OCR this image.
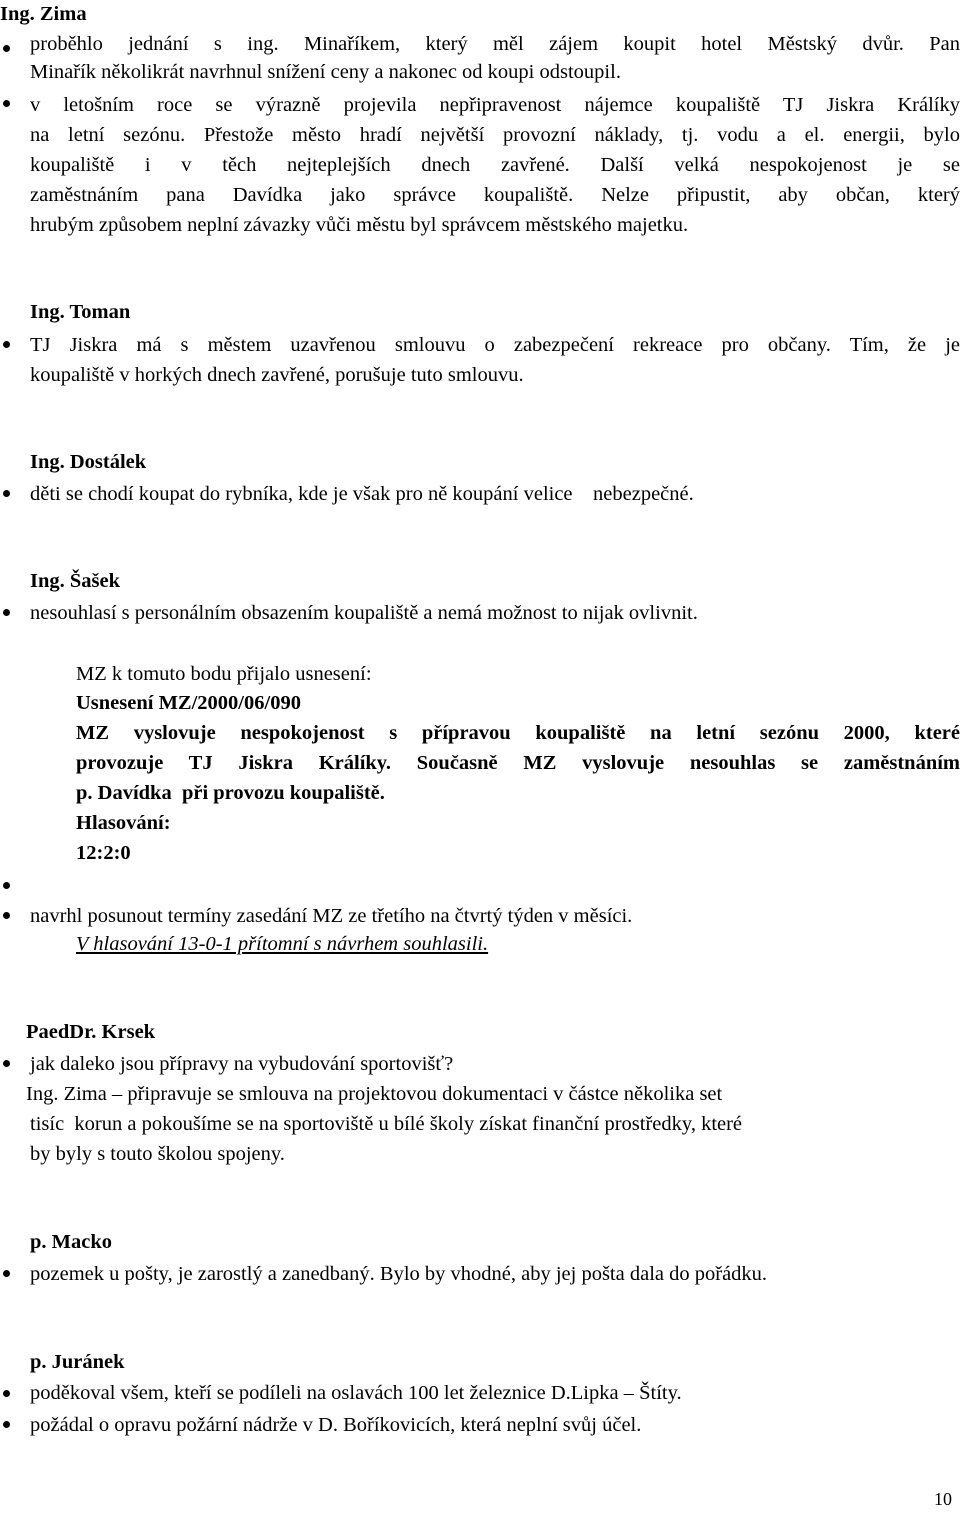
Ing. Zima
proběhlo jednání s ing. Minaříkem, který měl zájem koupit hotel Městský dvůr. Pan
Minařík několikrát navrhnul snížení ceny a nakonec od koupi odstoupil.
v letošním roce se výrazně projevila nepřipravenost nájemce koupaliště TJ Jiskra Králíky
na letní sezónu. Přestože město hradí největší provozní náklady, tj. vodu a el. energii, bylo
koupaliště i v těch nejteplejších dnech zavřené. Další velká nespokojenost je se
zaměstnáním pana Davídka jako správce koupaliště. Nelze připustit, aby občan, který
hrubým způsobem neplní závazky vůči městu byl správcem městského majetku.
Ing. Toman
TJ Jiskra má s městem uzavřenou smlouvu o zabezpečení rekreace pro občany. Tím, že je
koupaliště v horkých dnech zavřené, porušuje tuto smlouvu.
Ing. Dostálek
děti se chodí koupat do rybníka, kde je však pro ně koupání velice    nebezpečné.
Ing. Šašek
nesouhlasí s personálním obsazením koupaliště a nemá možnost to nijak ovlivnit.
MZ k tomuto bodu přijalo usnesení:
Usnesení MZ/2000/06/090
MZ vyslovuje nespokojenost s přípravou koupaliště na letní sezónu 2000, které
provozuje TJ Jiskra Králíky. Současně MZ vyslovuje nesouhlas se zaměstnáním
p. Davídka  při provozu koupaliště.
Hlasování:
12:2:0
navrhl posunout termíny zasedání MZ ze třetího na čtvrtý týden v měsíci.
V hlasování 13-0-1 přítomní s návrhem souhlasili.
PaedDr. Krsek
jak daleko jsou přípravy na vybudování sportovišť?
Ing. Zima – připravuje se smlouva na projektovou dokumentaci v částce několika set
tisíc  korun a pokoušíme se na sportoviště u bílé školy získat finanční prostředky, které
by byly s touto školou spojeny.
p. Macko
pozemek u pošty, je zarostlý a zanedbaný. Bylo by vhodné, aby jej pošta dala do pořádku.
p. Juránek
poděkoval všem, kteří se podíleli na oslavách 100 let železnice D.Lipka – Štíty.
požádal o opravu požární nádrže v D. Boříkovicích, která neplní svůj účel.
10
